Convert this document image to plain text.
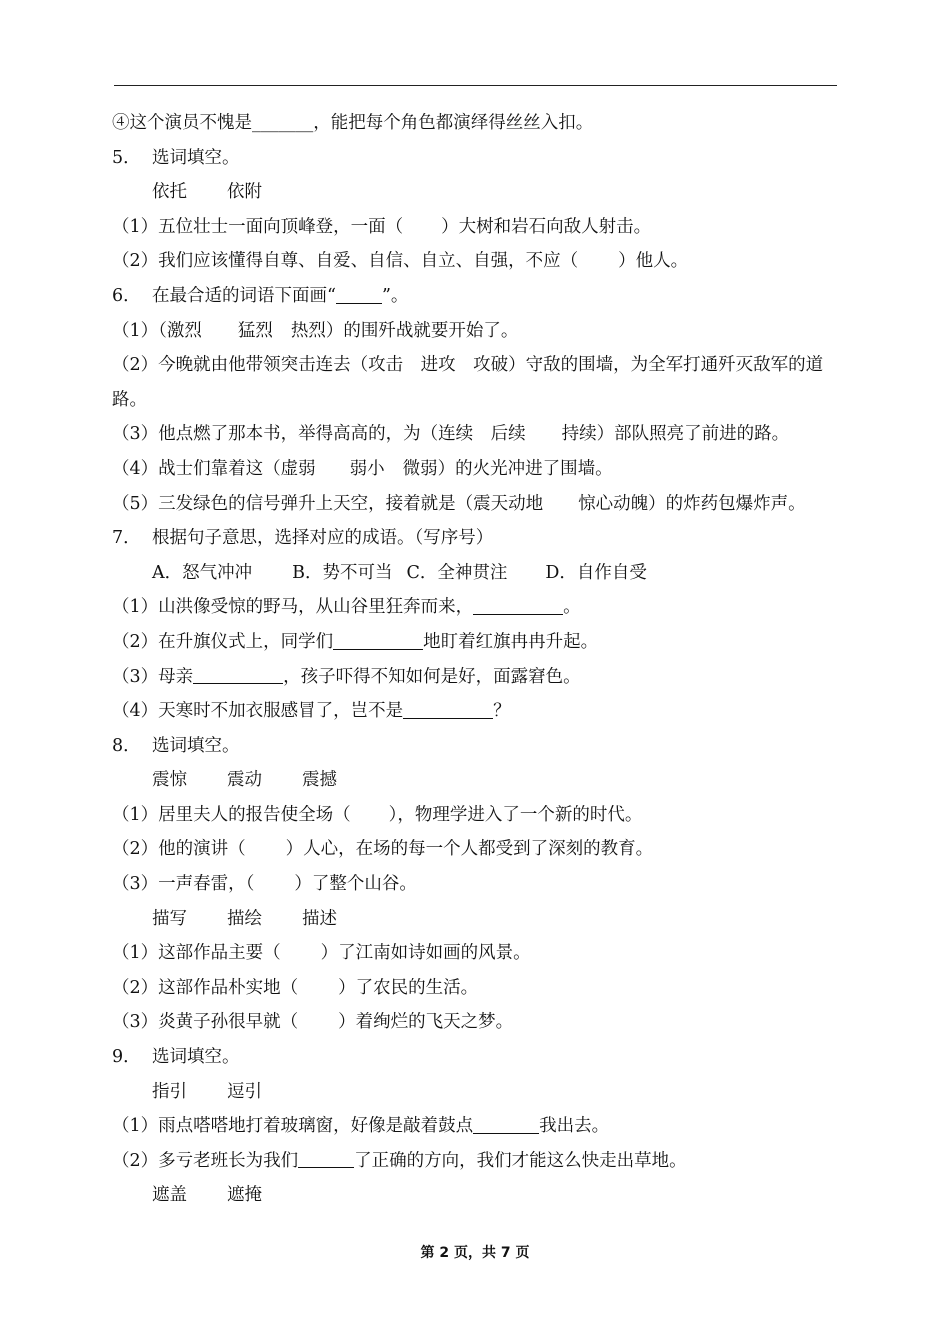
④这个演员不愧是_______，能把每个角色都演绎得丝丝入扣。
5． 选词填空。
依托 依附
（1）五位壮士一面向顶峰登，一面（ ）大树和岩石向敌人射击。
（2）我们应该懂得自尊、自爱、自信、自立、自强，不应（ ）他人。
6． 在最合适的词语下面画“	”。
（1）（激烈 猛烈 热烈）的围歼战就要开始了。
（2）今晚就由他带领突击连去（攻击　进攻　攻破）守敌的围墙，为全军打通歼灭敌军的道路。
（3）他点燃了那本书，举得高高的，为（连续　后续 持续）部队照亮了前进的路。
（4）战士们靠着这（虚弱 弱小 微弱）的火光冲进了围墙。
（5）三发绿色的信号弹升上天空，接着就是（震天动地　　惊心动魄）的炸药包爆炸声。
7． 根据句子意思，选择对应的成语。（写序号）
A．怒气冲冲 B．势不可当 C．全神贯注 D．自作自受
（1）山洪像受惊的野马，从山谷里狂奔而来，	。
（2）在升旗仪式上，同学们	地盯着红旗冉冉升起。
（3）母亲	，孩子吓得不知如何是好，面露窘色。
（4）天寒时不加衣服感冒了，岂不是	？
8． 选词填空。
震惊 震动 震撼
（1）居里夫人的报告使全场（ ），物理学进入了一个新的时代。
（2）他的演讲（ ）人心，在场的每一个人都受到了深刻的教育。
（3）一声春雷，（ ）了整个山谷。
描写 描绘 描述
（1）这部作品主要（ ）了江南如诗如画的风景。
（2）这部作品朴实地（ ）了农民的生活。
（3）炎黄子孙很早就（ ）着绚烂的飞天之梦。
9． 选词填空。
指引 逗引
（1）雨点嗒嗒地打着玻璃窗，好像是敲着鼓点	我出去。
（2）多亏老班长为我们	了正确的方向，我们才能这么快走出草地。
遮盖 遮掩
第 2 页，共 7 页
